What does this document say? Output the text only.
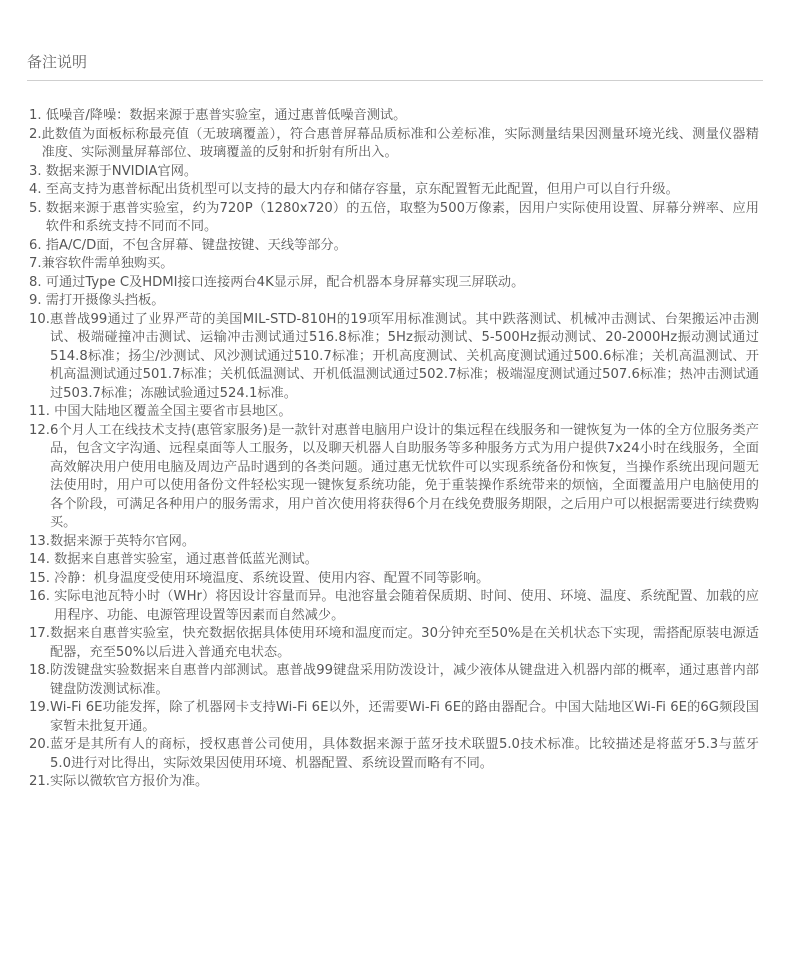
备注说明
1. 低噪音/降噪：数据来源于惠普实验室，通过惠普低噪音测试。
2. 此数值为面板标称最亮值（无玻璃覆盖），符合惠普屏幕品质标准和公差标准，实际测量结果因测量环境光线、测量仪器精准度、实际测量屏幕部位、玻璃覆盖的反射和折射有所出入。
3. 数据来源于NVIDIA官网。
4. 至高支持为惠普标配出货机型可以支持的最大内存和储存容量，京东配置暂无此配置，但用户可以自行升级。
5. 数据来源于惠普实验室，约为720P（1280x720）的五倍，取整为500万像素，因用户实际使用设置、屏幕分辨率、应用软件和系统支持不同而不同。
6. 指A/C/D面，不包含屏幕、键盘按键、天线等部分。
7. 兼容软件需单独购买。
8. 可通过Type C及HDMI接口连接两台4K显示屏，配合机器本身屏幕实现三屏联动。
9. 需打开摄像头挡板。
10. 惠普战99通过了业界严苛的美国MIL-STD-810H的19项军用标准测试。其中跌落测试、机械冲击测试、台架搬运冲击测试、极端碰撞冲击测试、运输冲击测试通过516.8标准；5Hz振动测试、5-500Hz振动测试、20-2000Hz振动测试通过514.8标准；扬尘/沙测试、风沙测试通过510.7标准；开机高度测试、关机高度测试通过500.6标准；关机高温测试、开机高温测试通过501.7标准；关机低温测试、开机低温测试通过502.7标准；极端湿度测试通过507.6标准；热冲击测试通过503.7标准；冻融试验通过524.1标准。
11. 中国大陆地区覆盖全国主要省市县地区。
12. 6个月人工在线技术支持(惠管家服务)是一款针对惠普电脑用户设计的集远程在线服务和一键恢复为一体的全方位服务类产品，包含文字沟通、远程桌面等人工服务，以及聊天机器人自助服务等多种服务方式为用户提供7x24小时在线服务，全面高效解决用户使用电脑及周边产品时遇到的各类问题。通过惠无忧软件可以实现系统备份和恢复，当操作系统出现问题无法使用时，用户可以使用备份文件轻松实现一键恢复系统功能，免于重装操作系统带来的烦恼，全面覆盖用户电脑使用的各个阶段，可满足各种用户的服务需求，用户首次使用将获得6个月在线免费服务期限，之后用户可以根据需要进行续费购买。
13. 数据来源于英特尔官网。
14. 数据来自惠普实验室，通过惠普低蓝光测试。
15. 冷静：机身温度受使用环境温度、系统设置、使用内容、配置不同等影响。
16. 实际电池瓦特小时（WHr）将因设计容量而异。电池容量会随着保质期、时间、使用、环境、温度、系统配置、加载的应用程序、功能、电源管理设置等因素而自然减少。
17. 数据来自惠普实验室，快充数据依据具体使用环境和温度而定。30分钟充至50%是在关机状态下实现，需搭配原装电源适配器，充至50%以后进入普通充电状态。
18. 防泼键盘实验数据来自惠普内部测试。惠普战99键盘采用防泼设计，减少液体从键盘进入机器内部的概率，通过惠普内部键盘防泼测试标准。
19. Wi-Fi 6E功能发挥，除了机器网卡支持Wi-Fi 6E以外，还需要Wi-Fi 6E的路由器配合。中国大陆地区Wi-Fi 6E的6G频段国家暂未批复开通。
20. 蓝牙是其所有人的商标，授权惠普公司使用，具体数据来源于蓝牙技术联盟5.0技术标准。比较描述是将蓝牙5.3与蓝牙5.0进行对比得出，实际效果因使用环境、机器配置、系统设置而略有不同。
21. 实际以微软官方报价为准。
